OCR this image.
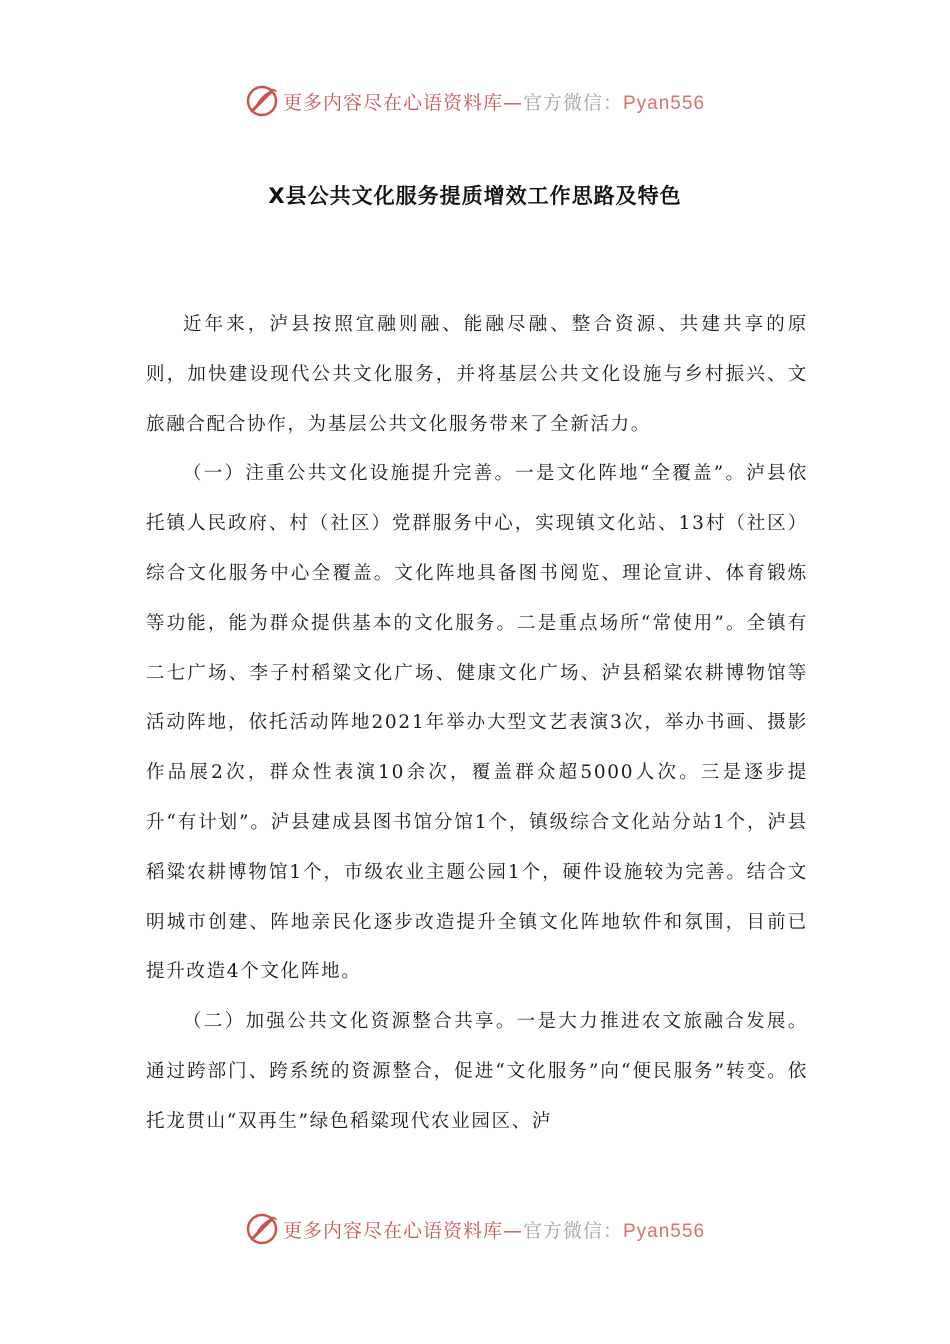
更多内容尽在心语资料库—官方微信：Pyan556
X县公共文化服务提质增效工作思路及特色

近年来，泸县按照宜融则融、能融尽融、整合资源、共建共享的原则，加快建设现代公共文化服务，并将基层公共文化设施与乡村振兴、文旅融合配合协作，为基层公共文化服务带来了全新活力。

（一）注重公共文化设施提升完善。一是文化阵地“全覆盖”。泸县依托镇人民政府、村（社区）党群服务中心，实现镇文化站、13村（社区）综合文化服务中心全覆盖。文化阵地具备图书阅览、理论宣讲、体育锻炼等功能，能为群众提供基本的文化服务。二是重点场所“常使用”。全镇有二七广场、李子村稻粱文化广场、健康文化广场、泸县稻粱农耕博物馆等活动阵地，依托活动阵地2021年举办大型文艺表演3次，举办书画、摄影作品展2次，群众性表演10余次，覆盖群众超5000人次。三是逐步提升“有计划”。泸县建成县图书馆分馆1个，镇级综合文化站分站1个，泸县稻粱农耕博物馆1个，市级农业主题公园1个，硬件设施较为完善。结合文明城市创建、阵地亲民化逐步改造提升全镇文化阵地软件和氛围，目前已提升改造4个文化阵地。

（二）加强公共文化资源整合共享。一是大力推进农文旅融合发展。通过跨部门、跨系统的资源整合，促进“文化服务”向“便民服务”转变。依托龙贯山“双再生”绿色稻粱现代农业园区、泸

更多内容尽在心语资料库—官方微信：Pyan556
